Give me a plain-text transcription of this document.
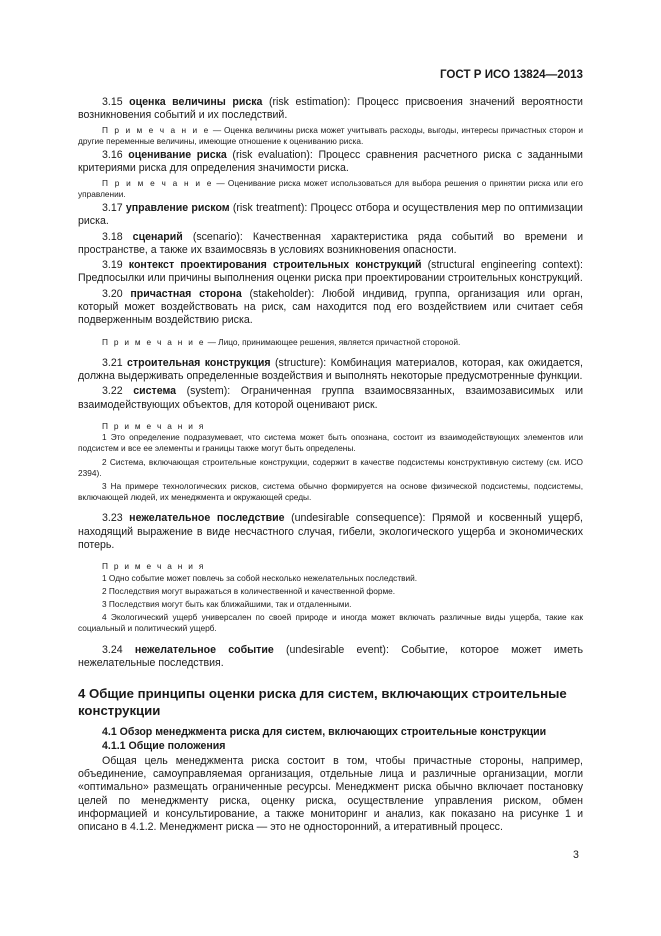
ГОСТ Р ИСО 13824—2013

3.15 оценка величины риска (risk estimation): Процесс присвоения значений вероятности возникновения событий и их последствий.

П р и м е ч а н и е — Оценка величины риска может учитывать расходы, выгоды, интересы причастных сторон и другие переменные величины, имеющие отношение к оцениванию риска.

3.16 оценивание риска (risk evaluation): Процесс сравнения расчетного риска с заданными критериями риска для определения значимости риска.

П р и м е ч а н и е — Оценивание риска может использоваться для выбора решения о принятии риска или его управлении.

3.17 управление риском (risk treatment): Процесс отбора и осуществления мер по оптимизации риска.

3.18 сценарий (scenario): Качественная характеристика ряда событий во времени и пространстве, а также их взаимосвязь в условиях возникновения опасности.

3.19 контекст проектирования строительных конструкций (structural engineering context): Предпосылки или причины выполнения оценки риска при проектировании строительных конструкций.

3.20 причастная сторона (stakeholder): Любой индивид, группа, организация или орган, который может воздействовать на риск, сам находится под его воздействием или считает себя подверженным воздействию риска.

П р и м е ч а н и е — Лицо, принимающее решения, является причастной стороной.

3.21 строительная конструкция (structure): Комбинация материалов, которая, как ожидается, должна выдерживать определенные воздействия и выполнять некоторые предусмотренные функции.

3.22 система (system): Ограниченная группа взаимосвязанных, взаимозависимых или взаимодействующих объектов, для которой оценивают риск.

П р и м е ч а н и я

1 Это определение подразумевает, что система может быть опознана, состоит из взаимодействующих элементов или подсистем и все ее элементы и границы также могут быть определены.

2 Система, включающая строительные конструкции, содержит в качестве подсистемы конструктивную систему (см. ИСО 2394).

3 На примере технологических рисков, система обычно формируется на основе физической подсистемы, подсистемы, включающей людей, их менеджмента и окружающей среды.

3.23 нежелательное последствие (undesirable consequence): Прямой и косвенный ущерб, находящий выражение в виде несчастного случая, гибели, экологического ущерба и экономических потерь.

П р и м е ч а н и я

1 Одно событие может повлечь за собой несколько нежелательных последствий.

2 Последствия могут выражаться в количественной и качественной форме.

3 Последствия могут быть как ближайшими, так и отдаленными.

4 Экологический ущерб универсален по своей природе и иногда может включать различные виды ущерба, такие как социальный и политический ущерб.

3.24 нежелательное событие (undesirable event): Событие, которое может иметь нежелательные последствия.

4 Общие принципы оценки риска для систем, включающих строительные конструкции

4.1 Обзор менеджмента риска для систем, включающих строительные конструкции

4.1.1 Общие положения

Общая цель менеджмента риска состоит в том, чтобы причастные стороны, например, объединение, самоуправляемая организация, отдельные лица и различные организации, могли «оптимально» размещать ограниченные ресурсы. Менеджмент риска обычно включает постановку целей по менеджменту риска, оценку риска, осуществление управления риском, обмен информацией и консультирование, а также мониторинг и анализ, как показано на рисунке 1 и описано в 4.1.2. Менеджмент риска — это не односторонний, а итеративный процесс.

3
